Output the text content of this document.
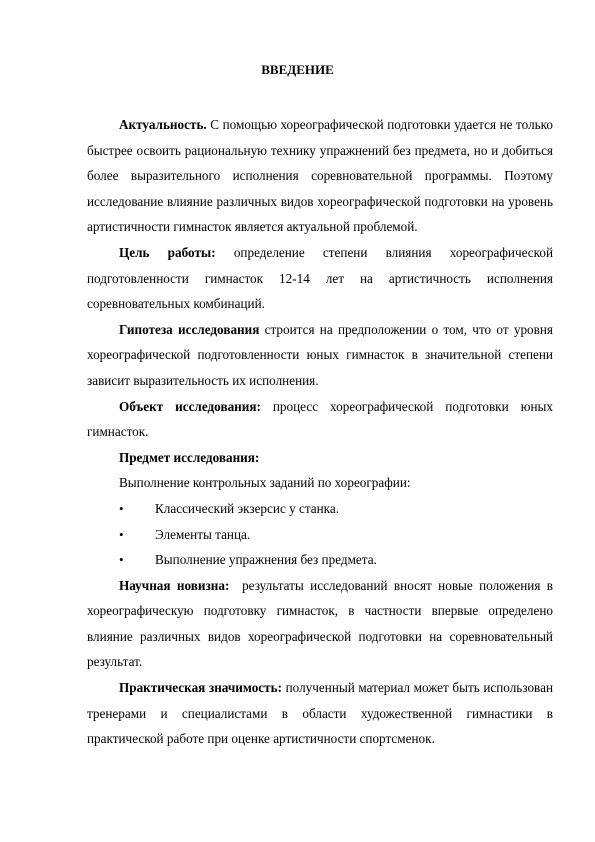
ВВЕДЕНИЕ

Актуальность. С помощью хореографической подготовки удается не только быстрее освоить рациональную технику упражнений без предмета, но и добиться более выразительного исполнения соревновательной программы. Поэтому исследование влияние различных видов хореографической подготовки на уровень артистичности гимнасток является актуальной проблемой.

Цель работы: определение степени влияния хореографической подготовленности гимнасток 12-14 лет на артистичность исполнения соревновательных комбинаций.

Гипотеза исследования строится на предположении о том, что от уровня хореографической подготовленности юных гимнасток в значительной степени зависит выразительность их исполнения.

Объект исследования: процесс хореографической подготовки юных гимнасток.

Предмет исследования:

Выполнение контрольных заданий по хореографии:

• Классический экзерсис у станка.
• Элементы танца.
• Выполнение упражнения без предмета.

Научная новизна:  результаты исследований вносят новые положения в хореографическую подготовку гимнасток, в частности впервые определено влияние различных видов хореографической подготовки на соревновательный результат.

Практическая значимость: полученный материал может быть использован тренерами и специалистами в области художественной гимнастики в практической работе при оценке артистичности спортсменок.
